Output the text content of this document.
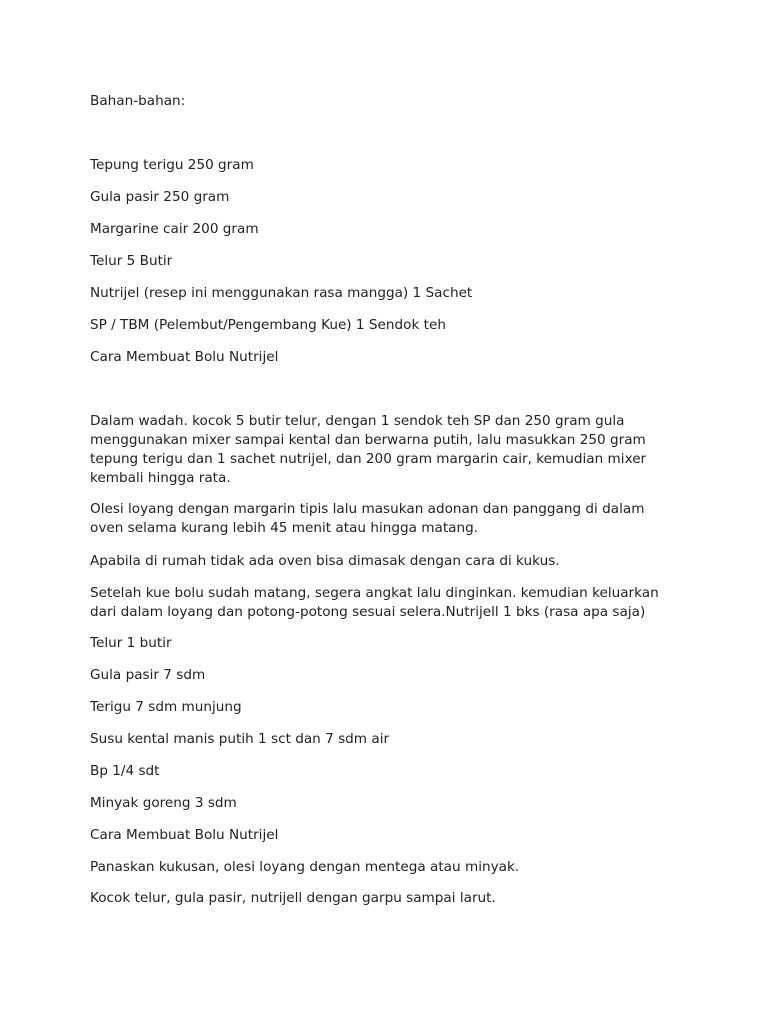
Bahan-bahan:

Tepung terigu 250 gram

Gula pasir 250 gram

Margarine cair 200 gram

Telur 5 Butir

Nutrijel (resep ini menggunakan rasa mangga) 1 Sachet

SP / TBM (Pelembut/Pengembang Kue) 1 Sendok teh

Cara Membuat Bolu Nutrijel

Dalam wadah. kocok 5 butir telur, dengan 1 sendok teh SP dan 250 gram gula menggunakan mixer sampai kental dan berwarna putih, lalu masukkan 250 gram tepung terigu dan 1 sachet nutrijel, dan 200 gram margarin cair, kemudian mixer kembali hingga rata.

Olesi loyang dengan margarin tipis lalu masukan adonan dan panggang di dalam oven selama kurang lebih 45 menit atau hingga matang.

Apabila di rumah tidak ada oven bisa dimasak dengan cara di kukus.

Setelah kue bolu sudah matang, segera angkat lalu dinginkan. kemudian keluarkan dari dalam loyang dan potong-potong sesuai selera.Nutrijell 1 bks (rasa apa saja)

Telur 1 butir

Gula pasir 7 sdm

Terigu 7 sdm munjung

Susu kental manis putih 1 sct dan 7 sdm air

Bp 1/4 sdt

Minyak goreng 3 sdm

Cara Membuat Bolu Nutrijel

Panaskan kukusan, olesi loyang dengan mentega atau minyak.

Kocok telur, gula pasir, nutrijell dengan garpu sampai larut.
